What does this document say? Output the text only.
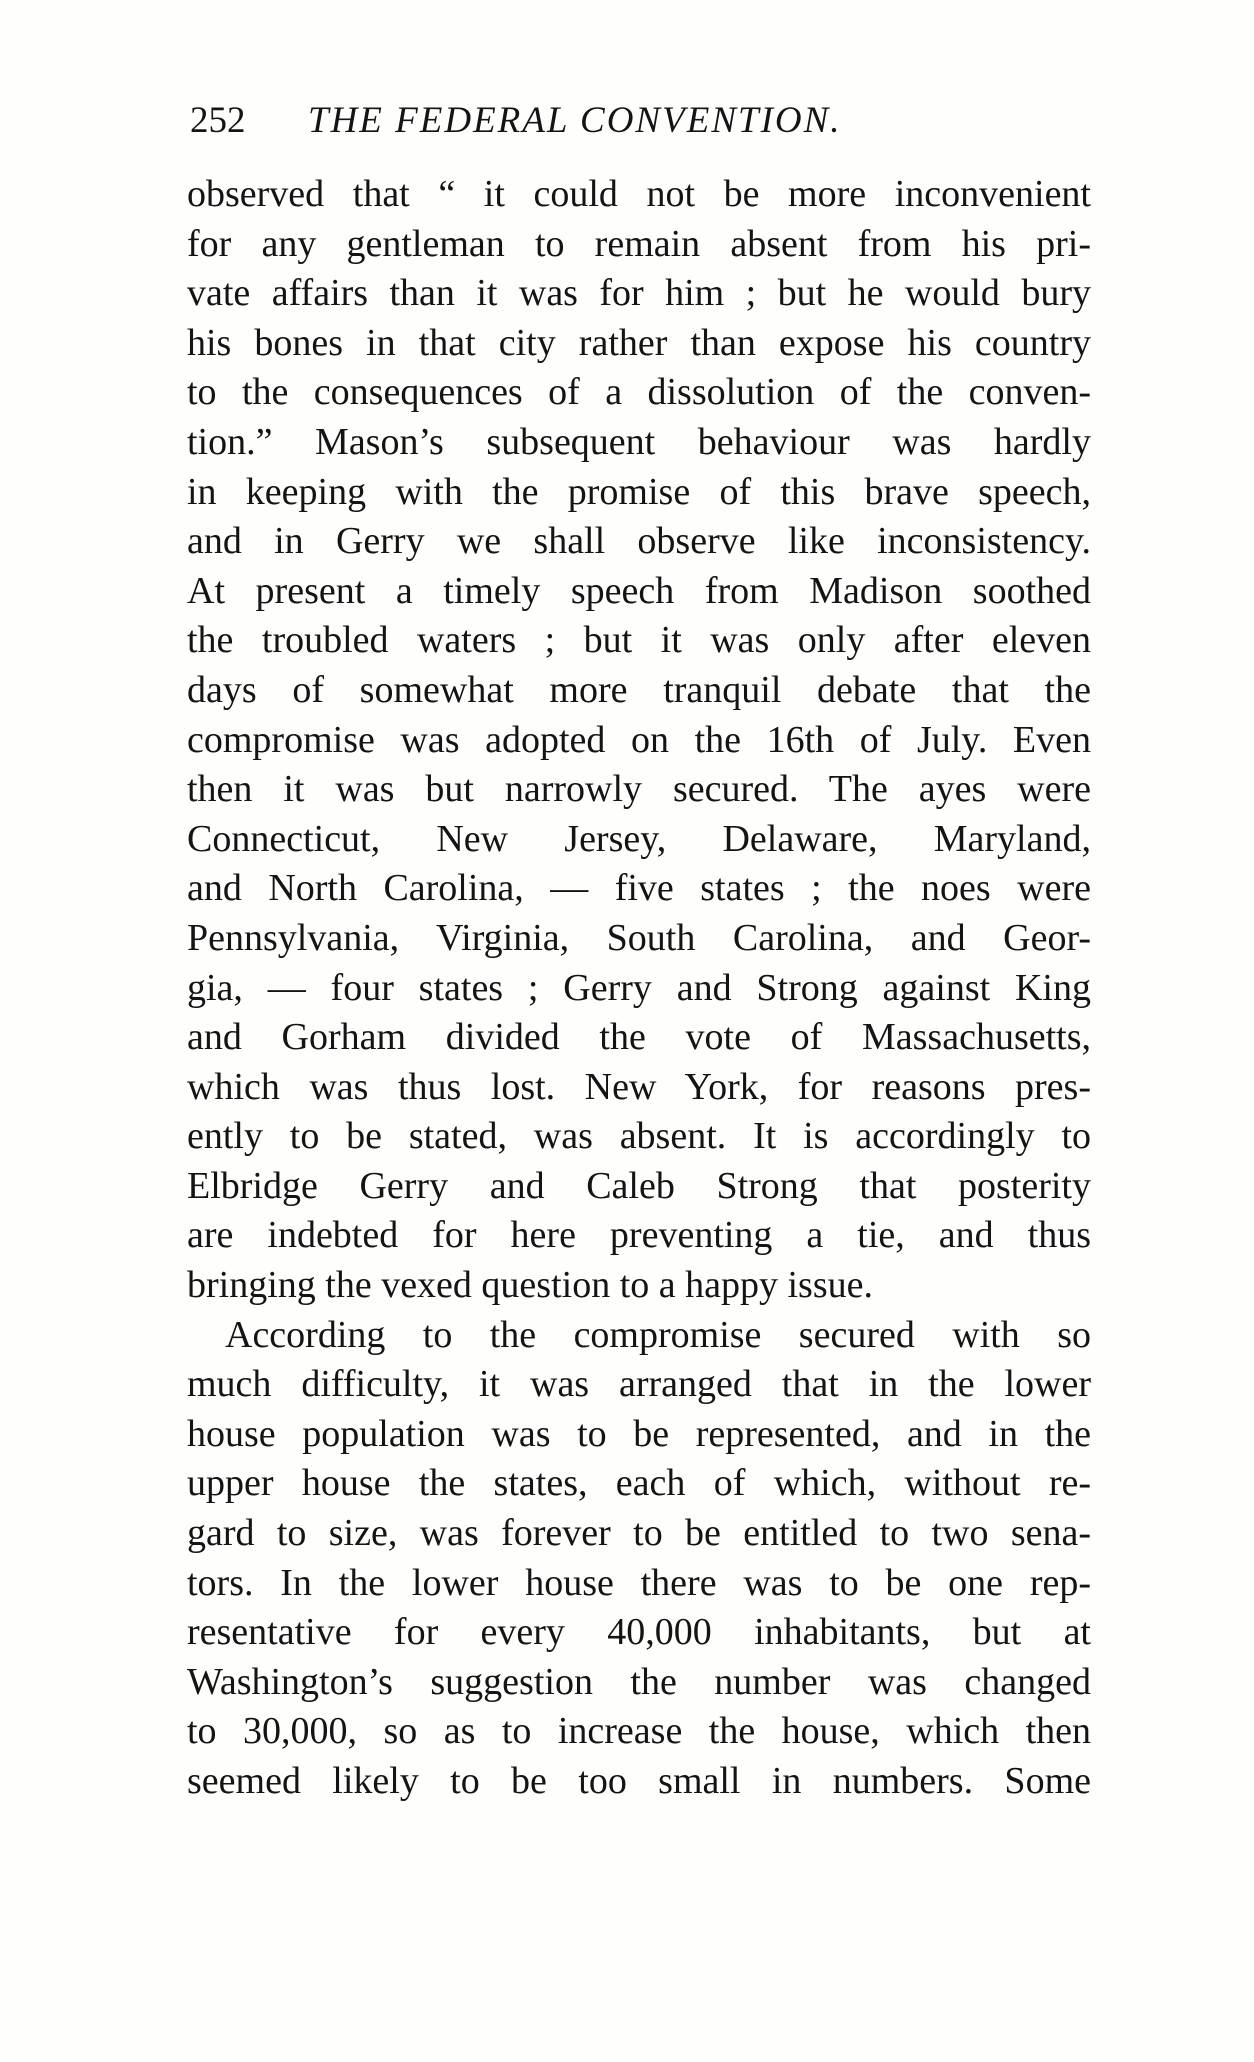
252 THE FEDERAL CONVENTION.
observed that “ it could not be more inconvenient
for any gentleman to remain absent from his pri-
vate affairs than it was for him ; but he would bury
his bones in that city rather than expose his country
to the consequences of a dissolution of the conven-
tion.” Mason’s subsequent behaviour was hardly
in keeping with the promise of this brave speech,
and in Gerry we shall observe like inconsistency.
At present a timely speech from Madison soothed
the troubled waters ; but it was only after eleven
days of somewhat more tranquil debate that the
compromise was adopted on the 16th of July. Even
then it was but narrowly secured. The ayes were
Connecticut, New Jersey, Delaware, Maryland,
and North Carolina, — five states ; the noes were
Pennsylvania, Virginia, South Carolina, and Geor-
gia, — four states ; Gerry and Strong against King
and Gorham divided the vote of Massachusetts,
which was thus lost. New York, for reasons pres-
ently to be stated, was absent. It is accordingly to
Elbridge Gerry and Caleb Strong that posterity
are indebted for here preventing a tie, and thus
bringing the vexed question to a happy issue.
According to the compromise secured with so
much difficulty, it was arranged that in the lower
house population was to be represented, and in the
upper house the states, each of which, without re-
gard to size, was forever to be entitled to two sena-
tors. In the lower house there was to be one rep-
resentative for every 40,000 inhabitants, but at
Washington’s suggestion the number was changed
to 30,000, so as to increase the house, which then
seemed likely to be too small in numbers. Some
